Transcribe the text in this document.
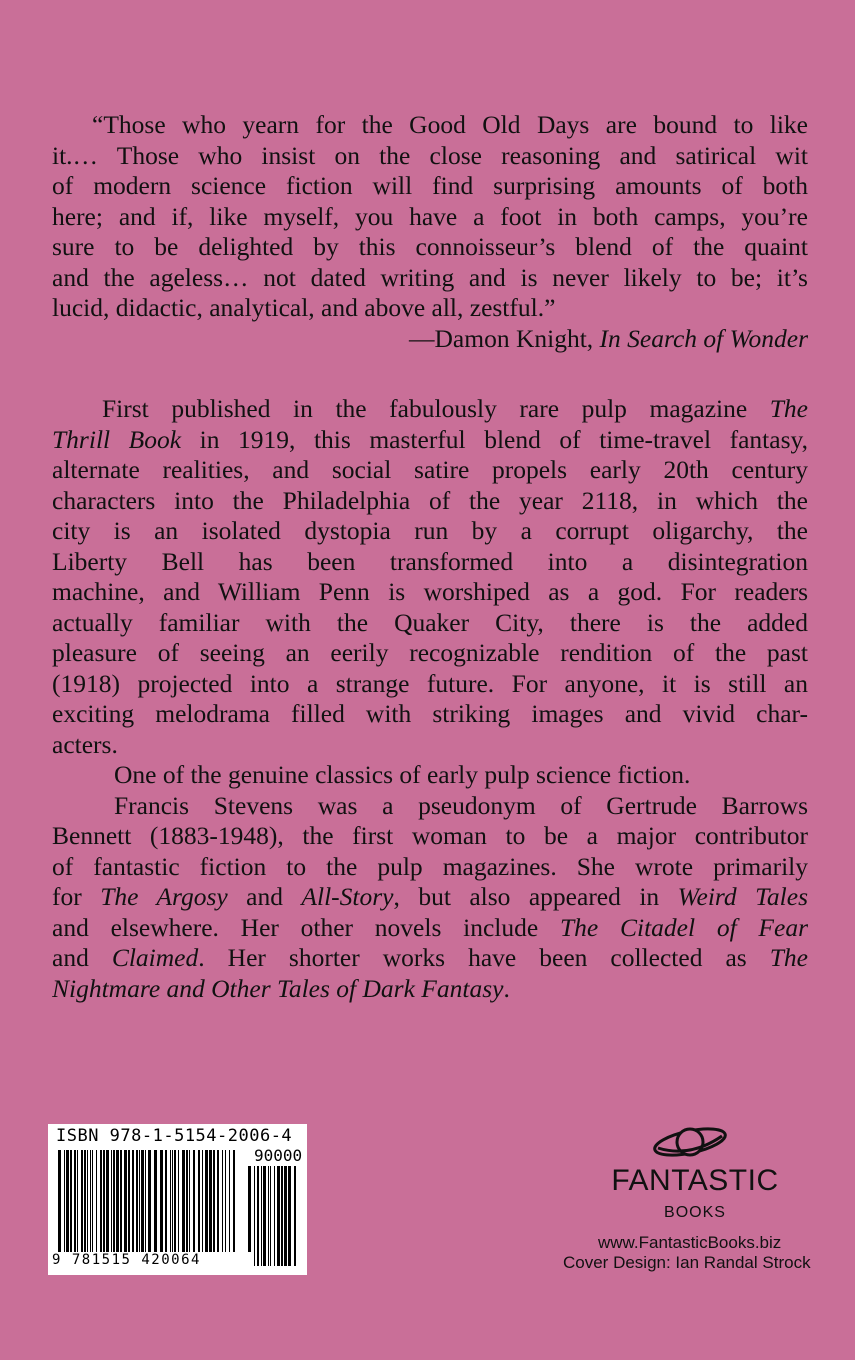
“Those who yearn for the Good Old Days are bound to like
it.… Those who insist on the close reasoning and satirical wit
of modern science fiction will find surprising amounts of both
here; and if, like myself, you have a foot in both camps, you’re
sure to be delighted by this connoisseur’s blend of the quaint
and the ageless… not dated writing and is never likely to be; it’s
lucid, didactic, analytical, and above all, zestful.”
—Damon Knight, In Search of Wonder
First published in the fabulously rare pulp magazine The
Thrill Book in 1919, this masterful blend of time-travel fantasy,
alternate realities, and social satire propels early 20th century
characters into the Philadelphia of the year 2118, in which the
city is an isolated dystopia run by a corrupt oligarchy, the
Liberty Bell has been transformed into a disintegration
machine, and William Penn is worshiped as a god. For readers
actually familiar with the Quaker City, there is the added
pleasure of seeing an eerily recognizable rendition of the past
(1918) projected into a strange future. For anyone, it is still an
exciting melodrama filled with striking images and vivid char-
acters.
One of the genuine classics of early pulp science fiction.
Francis Stevens was a pseudonym of Gertrude Barrows
Bennett (1883-1948), the first woman to be a major contributor
of fantastic fiction to the pulp magazines. She wrote primarily
for The Argosy and All-Story, but also appeared in Weird Tales
and elsewhere. Her other novels include The Citadel of Fear
and Claimed. Her shorter works have been collected as The
Nightmare and Other Tales of Dark Fantasy.
ISBN 978-1-5154-2006-4
90000
9 781515 420064
FANTASTIC
BOOKS
www.FantasticBooks.biz
Cover Design: Ian Randal Strock
